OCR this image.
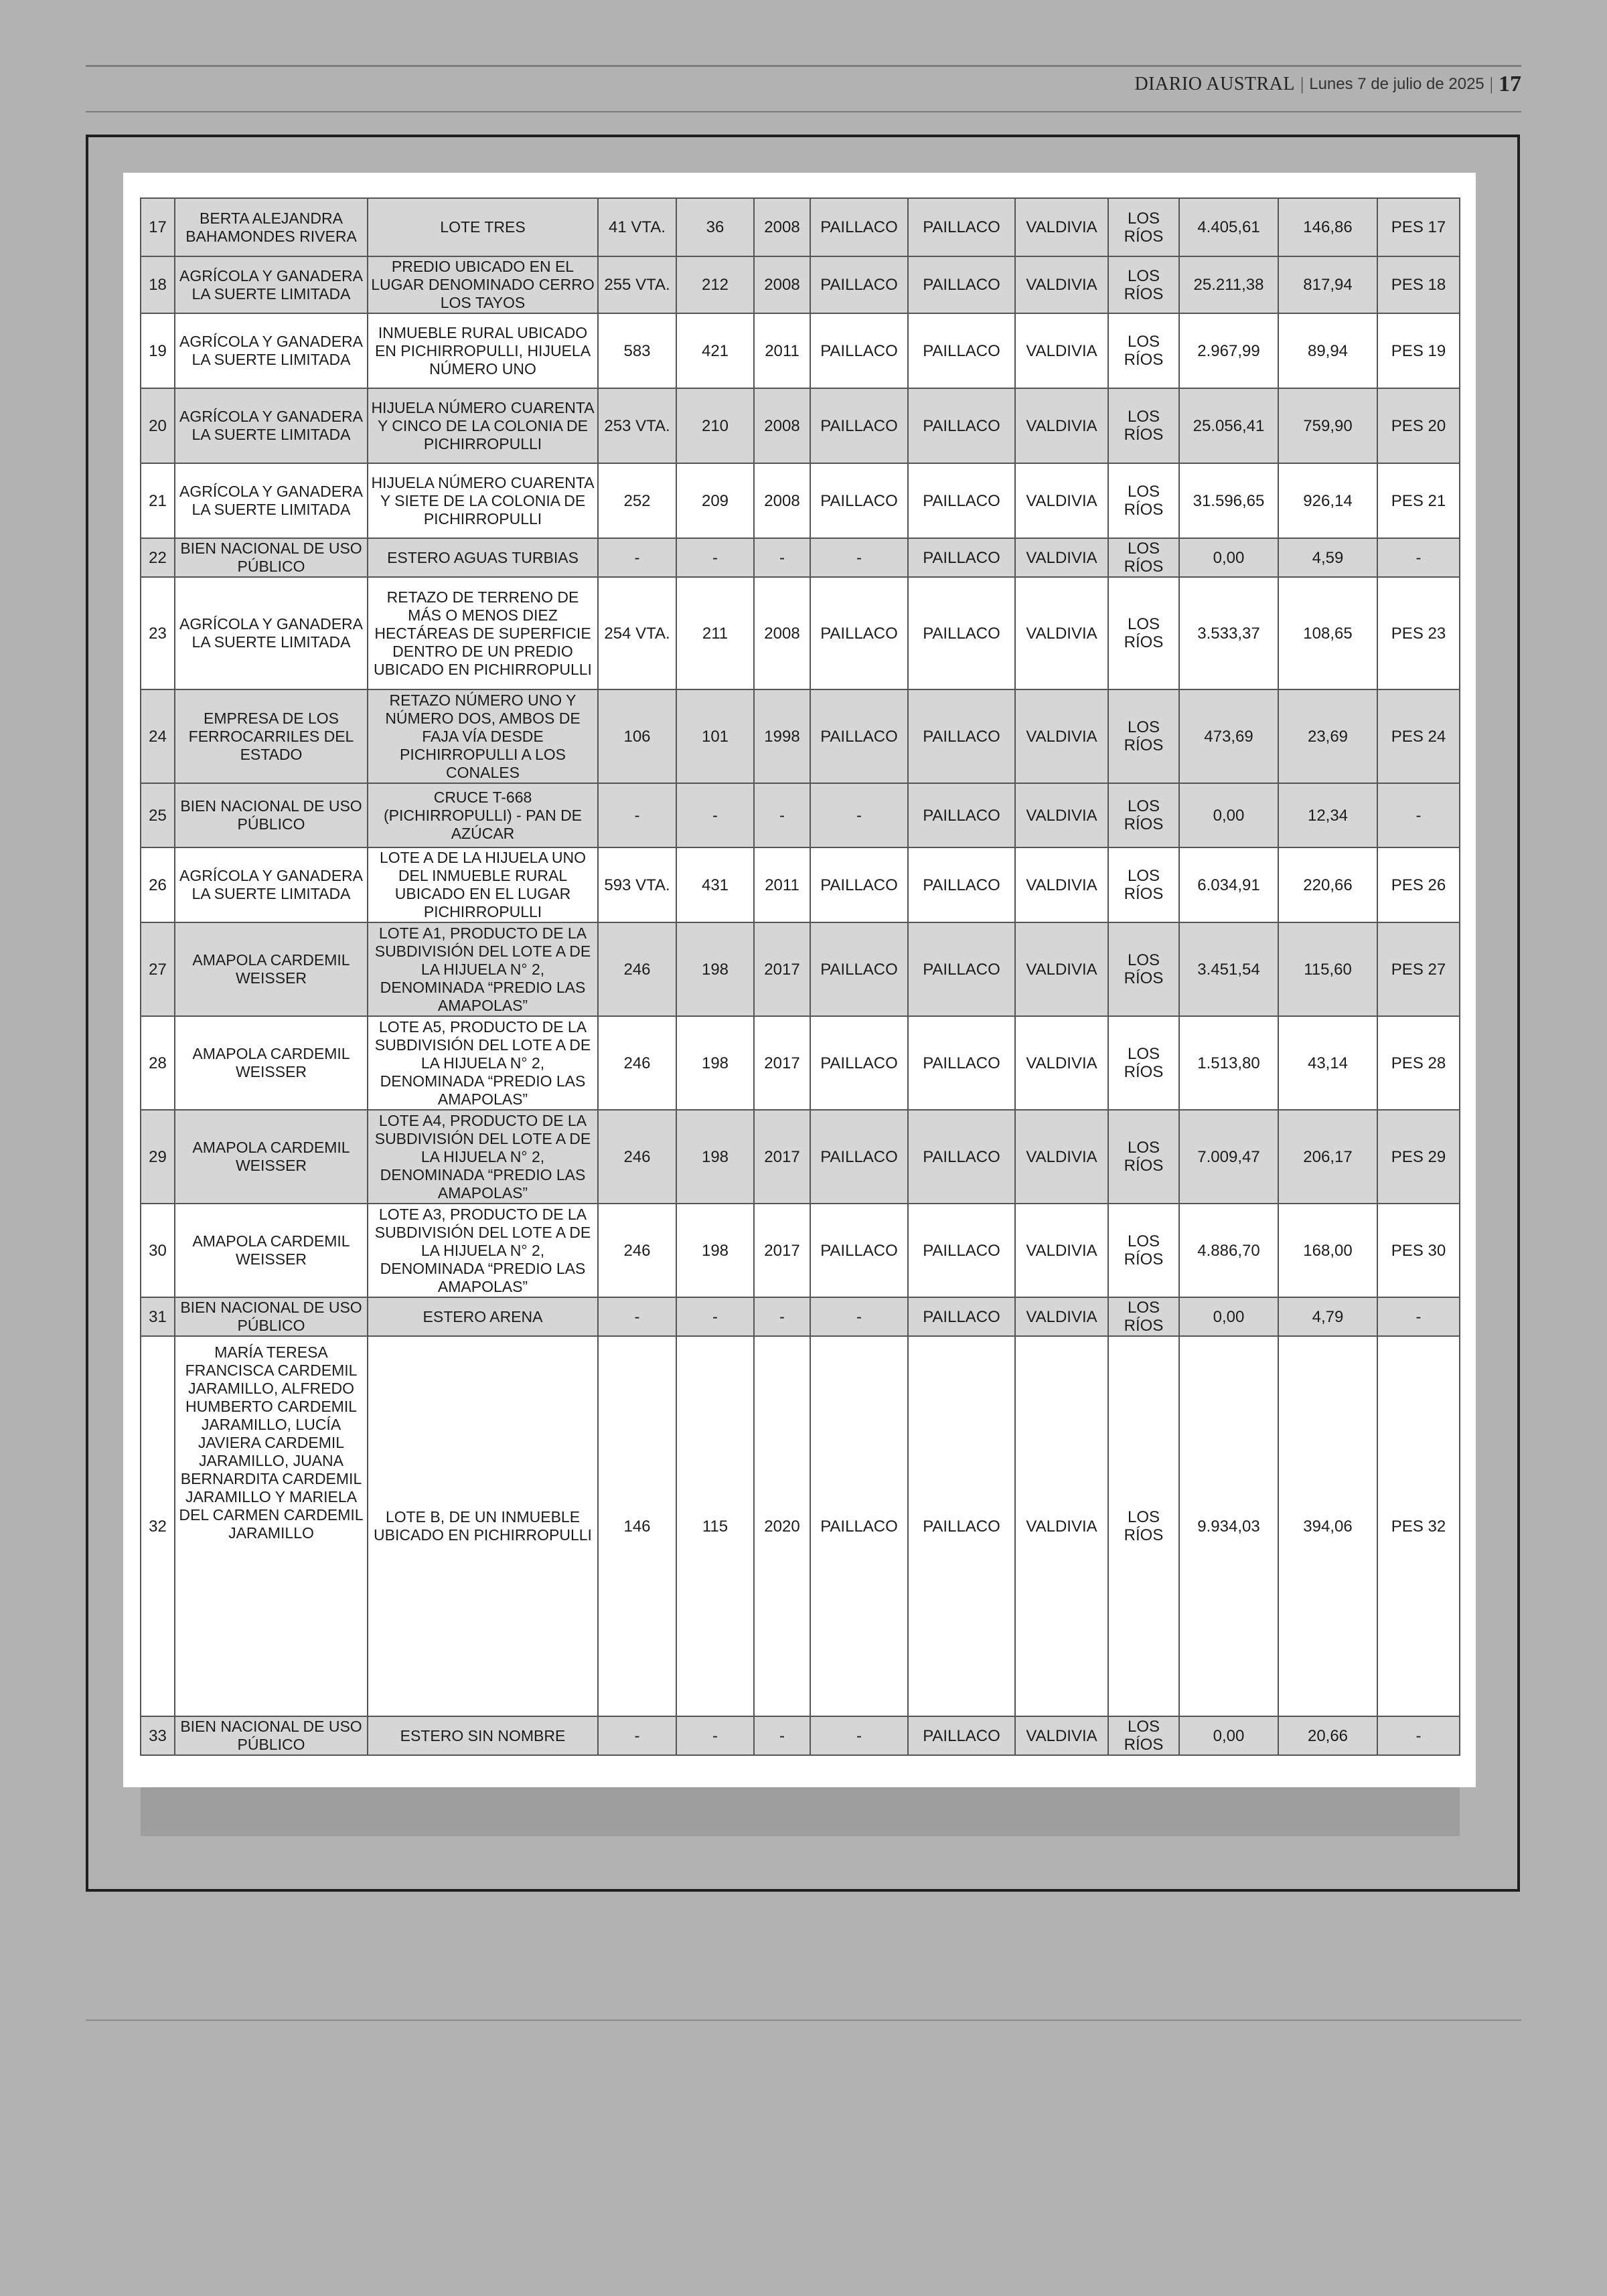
DIARIO AUSTRAL | Lunes 7 de julio de 2025 | 17
17	BERTA ALEJANDRA BAHAMONDES RIVERA	LOTE TRES	41 VTA.	36	2008	PAILLACO	PAILLACO	VALDIVIA	LOS RÍOS	4.405,61	146,86	PES 17
18	AGRÍCOLA Y GANADERA LA SUERTE LIMITADA	PREDIO UBICADO EN EL LUGAR DENOMINADO CERRO LOS TAYOS	255 VTA.	212	2008	PAILLACO	PAILLACO	VALDIVIA	LOS RÍOS	25.211,38	817,94	PES 18
19	AGRÍCOLA Y GANADERA LA SUERTE LIMITADA	INMUEBLE RURAL UBICADO EN PICHIRROPULLI, HIJUELA NÚMERO UNO	583	421	2011	PAILLACO	PAILLACO	VALDIVIA	LOS RÍOS	2.967,99	89,94	PES 19
20	AGRÍCOLA Y GANADERA LA SUERTE LIMITADA	HIJUELA NÚMERO CUARENTA Y CINCO DE LA COLONIA DE PICHIRROPULLI	253 VTA.	210	2008	PAILLACO	PAILLACO	VALDIVIA	LOS RÍOS	25.056,41	759,90	PES 20
21	AGRÍCOLA Y GANADERA LA SUERTE LIMITADA	HIJUELA NÚMERO CUARENTA Y SIETE DE LA COLONIA DE PICHIRROPULLI	252	209	2008	PAILLACO	PAILLACO	VALDIVIA	LOS RÍOS	31.596,65	926,14	PES 21
22	BIEN NACIONAL DE USO PÚBLICO	ESTERO AGUAS TURBIAS	-	-	-	-	PAILLACO	VALDIVIA	LOS RÍOS	0,00	4,59	-
23	AGRÍCOLA Y GANADERA LA SUERTE LIMITADA	RETAZO DE TERRENO DE MÁS O MENOS DIEZ HECTÁREAS DE SUPERFICIE DENTRO DE UN PREDIO UBICADO EN PICHIRROPULLI	254 VTA.	211	2008	PAILLACO	PAILLACO	VALDIVIA	LOS RÍOS	3.533,37	108,65	PES 23
24	EMPRESA DE LOS FERROCARRILES DEL ESTADO	RETAZO NÚMERO UNO Y NÚMERO DOS, AMBOS DE FAJA VÍA DESDE PICHIRROPULLI A LOS CONALES	106	101	1998	PAILLACO	PAILLACO	VALDIVIA	LOS RÍOS	473,69	23,69	PES 24
25	BIEN NACIONAL DE USO PÚBLICO	CRUCE T-668 (PICHIRROPULLI) - PAN DE AZÚCAR	-	-	-	-	PAILLACO	VALDIVIA	LOS RÍOS	0,00	12,34	-
26	AGRÍCOLA Y GANADERA LA SUERTE LIMITADA	LOTE A DE LA HIJUELA UNO DEL INMUEBLE RURAL UBICADO EN EL LUGAR PICHIRROPULLI	593 VTA.	431	2011	PAILLACO	PAILLACO	VALDIVIA	LOS RÍOS	6.034,91	220,66	PES 26
27	AMAPOLA CARDEMIL WEISSER	LOTE A1, PRODUCTO DE LA SUBDIVISIÓN DEL LOTE A DE LA HIJUELA N° 2, DENOMINADA “PREDIO LAS AMAPOLAS”	246	198	2017	PAILLACO	PAILLACO	VALDIVIA	LOS RÍOS	3.451,54	115,60	PES 27
28	AMAPOLA CARDEMIL WEISSER	LOTE A5, PRODUCTO DE LA SUBDIVISIÓN DEL LOTE A DE LA HIJUELA N° 2, DENOMINADA “PREDIO LAS AMAPOLAS”	246	198	2017	PAILLACO	PAILLACO	VALDIVIA	LOS RÍOS	1.513,80	43,14	PES 28
29	AMAPOLA CARDEMIL WEISSER	LOTE A4, PRODUCTO DE LA SUBDIVISIÓN DEL LOTE A DE LA HIJUELA N° 2, DENOMINADA “PREDIO LAS AMAPOLAS”	246	198	2017	PAILLACO	PAILLACO	VALDIVIA	LOS RÍOS	7.009,47	206,17	PES 29
30	AMAPOLA CARDEMIL WEISSER	LOTE A3, PRODUCTO DE LA SUBDIVISIÓN DEL LOTE A DE LA HIJUELA N° 2, DENOMINADA “PREDIO LAS AMAPOLAS”	246	198	2017	PAILLACO	PAILLACO	VALDIVIA	LOS RÍOS	4.886,70	168,00	PES 30
31	BIEN NACIONAL DE USO PÚBLICO	ESTERO ARENA	-	-	-	-	PAILLACO	VALDIVIA	LOS RÍOS	0,00	4,79	-
32	MARÍA TERESA FRANCISCA CARDEMIL JARAMILLO, ALFREDO HUMBERTO CARDEMIL JARAMILLO, LUCÍA JAVIERA CARDEMIL JARAMILLO, JUANA BERNARDITA CARDEMIL JARAMILLO Y MARIELA DEL CARMEN CARDEMIL JARAMILLO	LOTE B, DE UN INMUEBLE UBICADO EN PICHIRROPULLI	146	115	2020	PAILLACO	PAILLACO	VALDIVIA	LOS RÍOS	9.934,03	394,06	PES 32
33	BIEN NACIONAL DE USO PÚBLICO	ESTERO SIN NOMBRE	-	-	-	-	PAILLACO	VALDIVIA	LOS RÍOS	0,00	20,66	-
